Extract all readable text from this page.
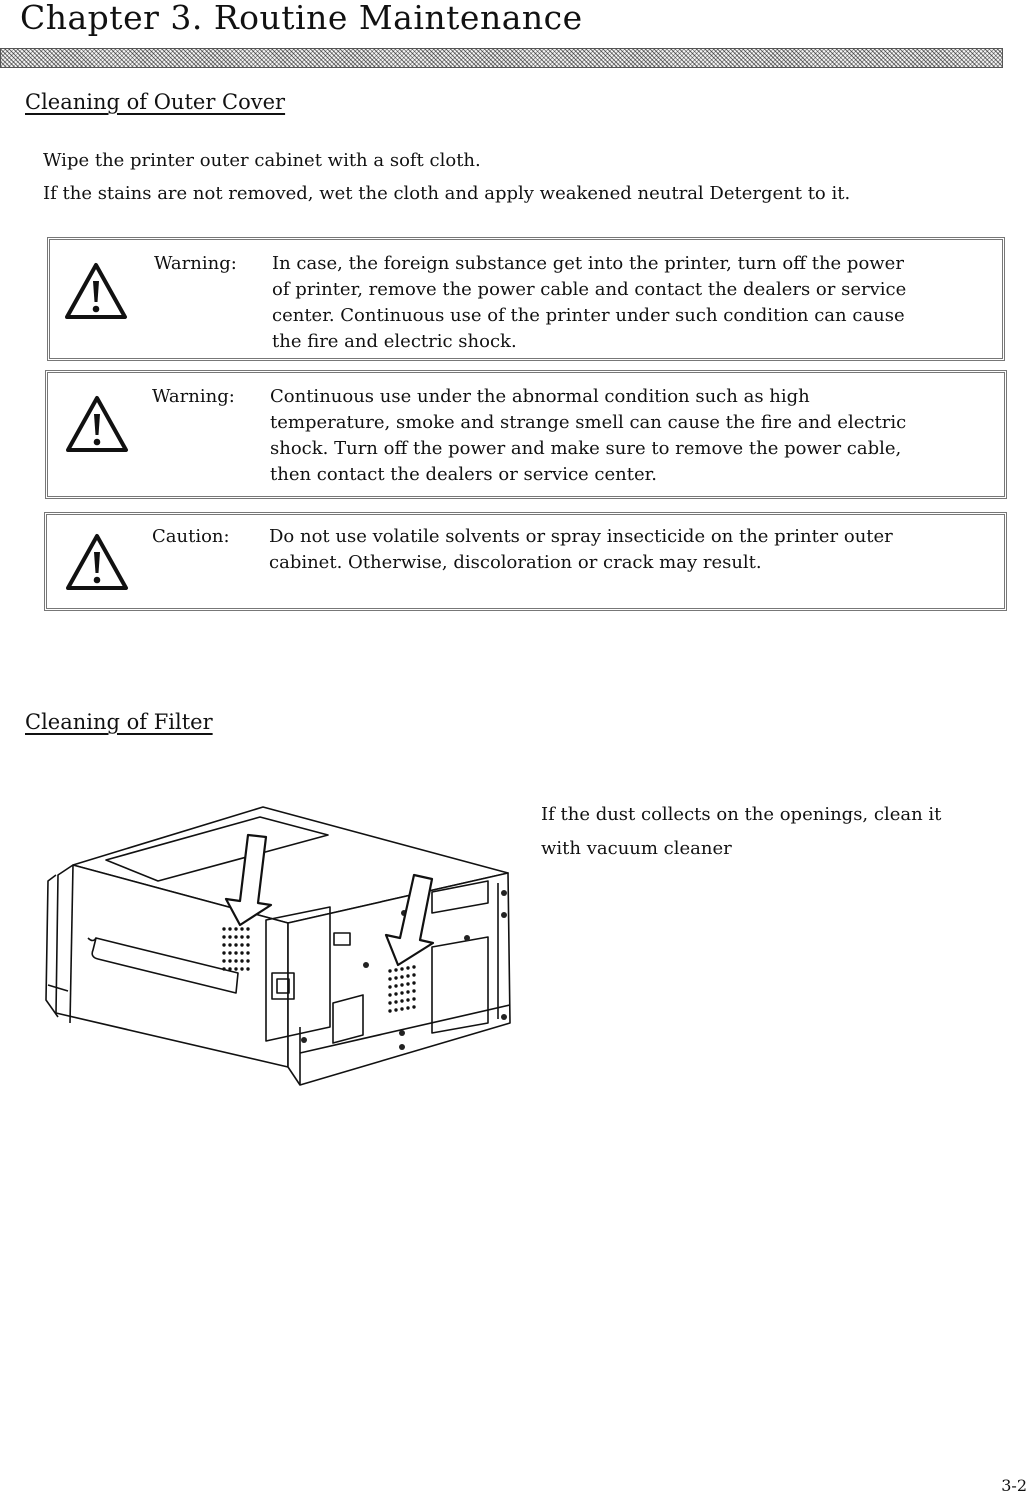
Chapter 3. Routine Maintenance
Cleaning of Outer Cover
Wipe the printer outer cabinet with a soft cloth.
If the stains are not removed, wet the cloth and apply weakened neutral Detergent to it.
Warning: In case, the foreign substance get into the printer, turn off the power
of printer, remove the power cable and contact the dealers or service
center. Continuous use of the printer under such condition can cause
the fire and electric shock.
Warning: Continuous use under the abnormal condition such as high
temperature, smoke and strange smell can cause the fire and electric
shock. Turn off the power and make sure to remove the power cable,
then contact the dealers or service center.
Caution: Do not use volatile solvents or spray insecticide on the printer outer
cabinet. Otherwise, discoloration or crack may result.
Cleaning of Filter
If the dust collects on the openings, clean it
with vacuum cleaner
3-2
